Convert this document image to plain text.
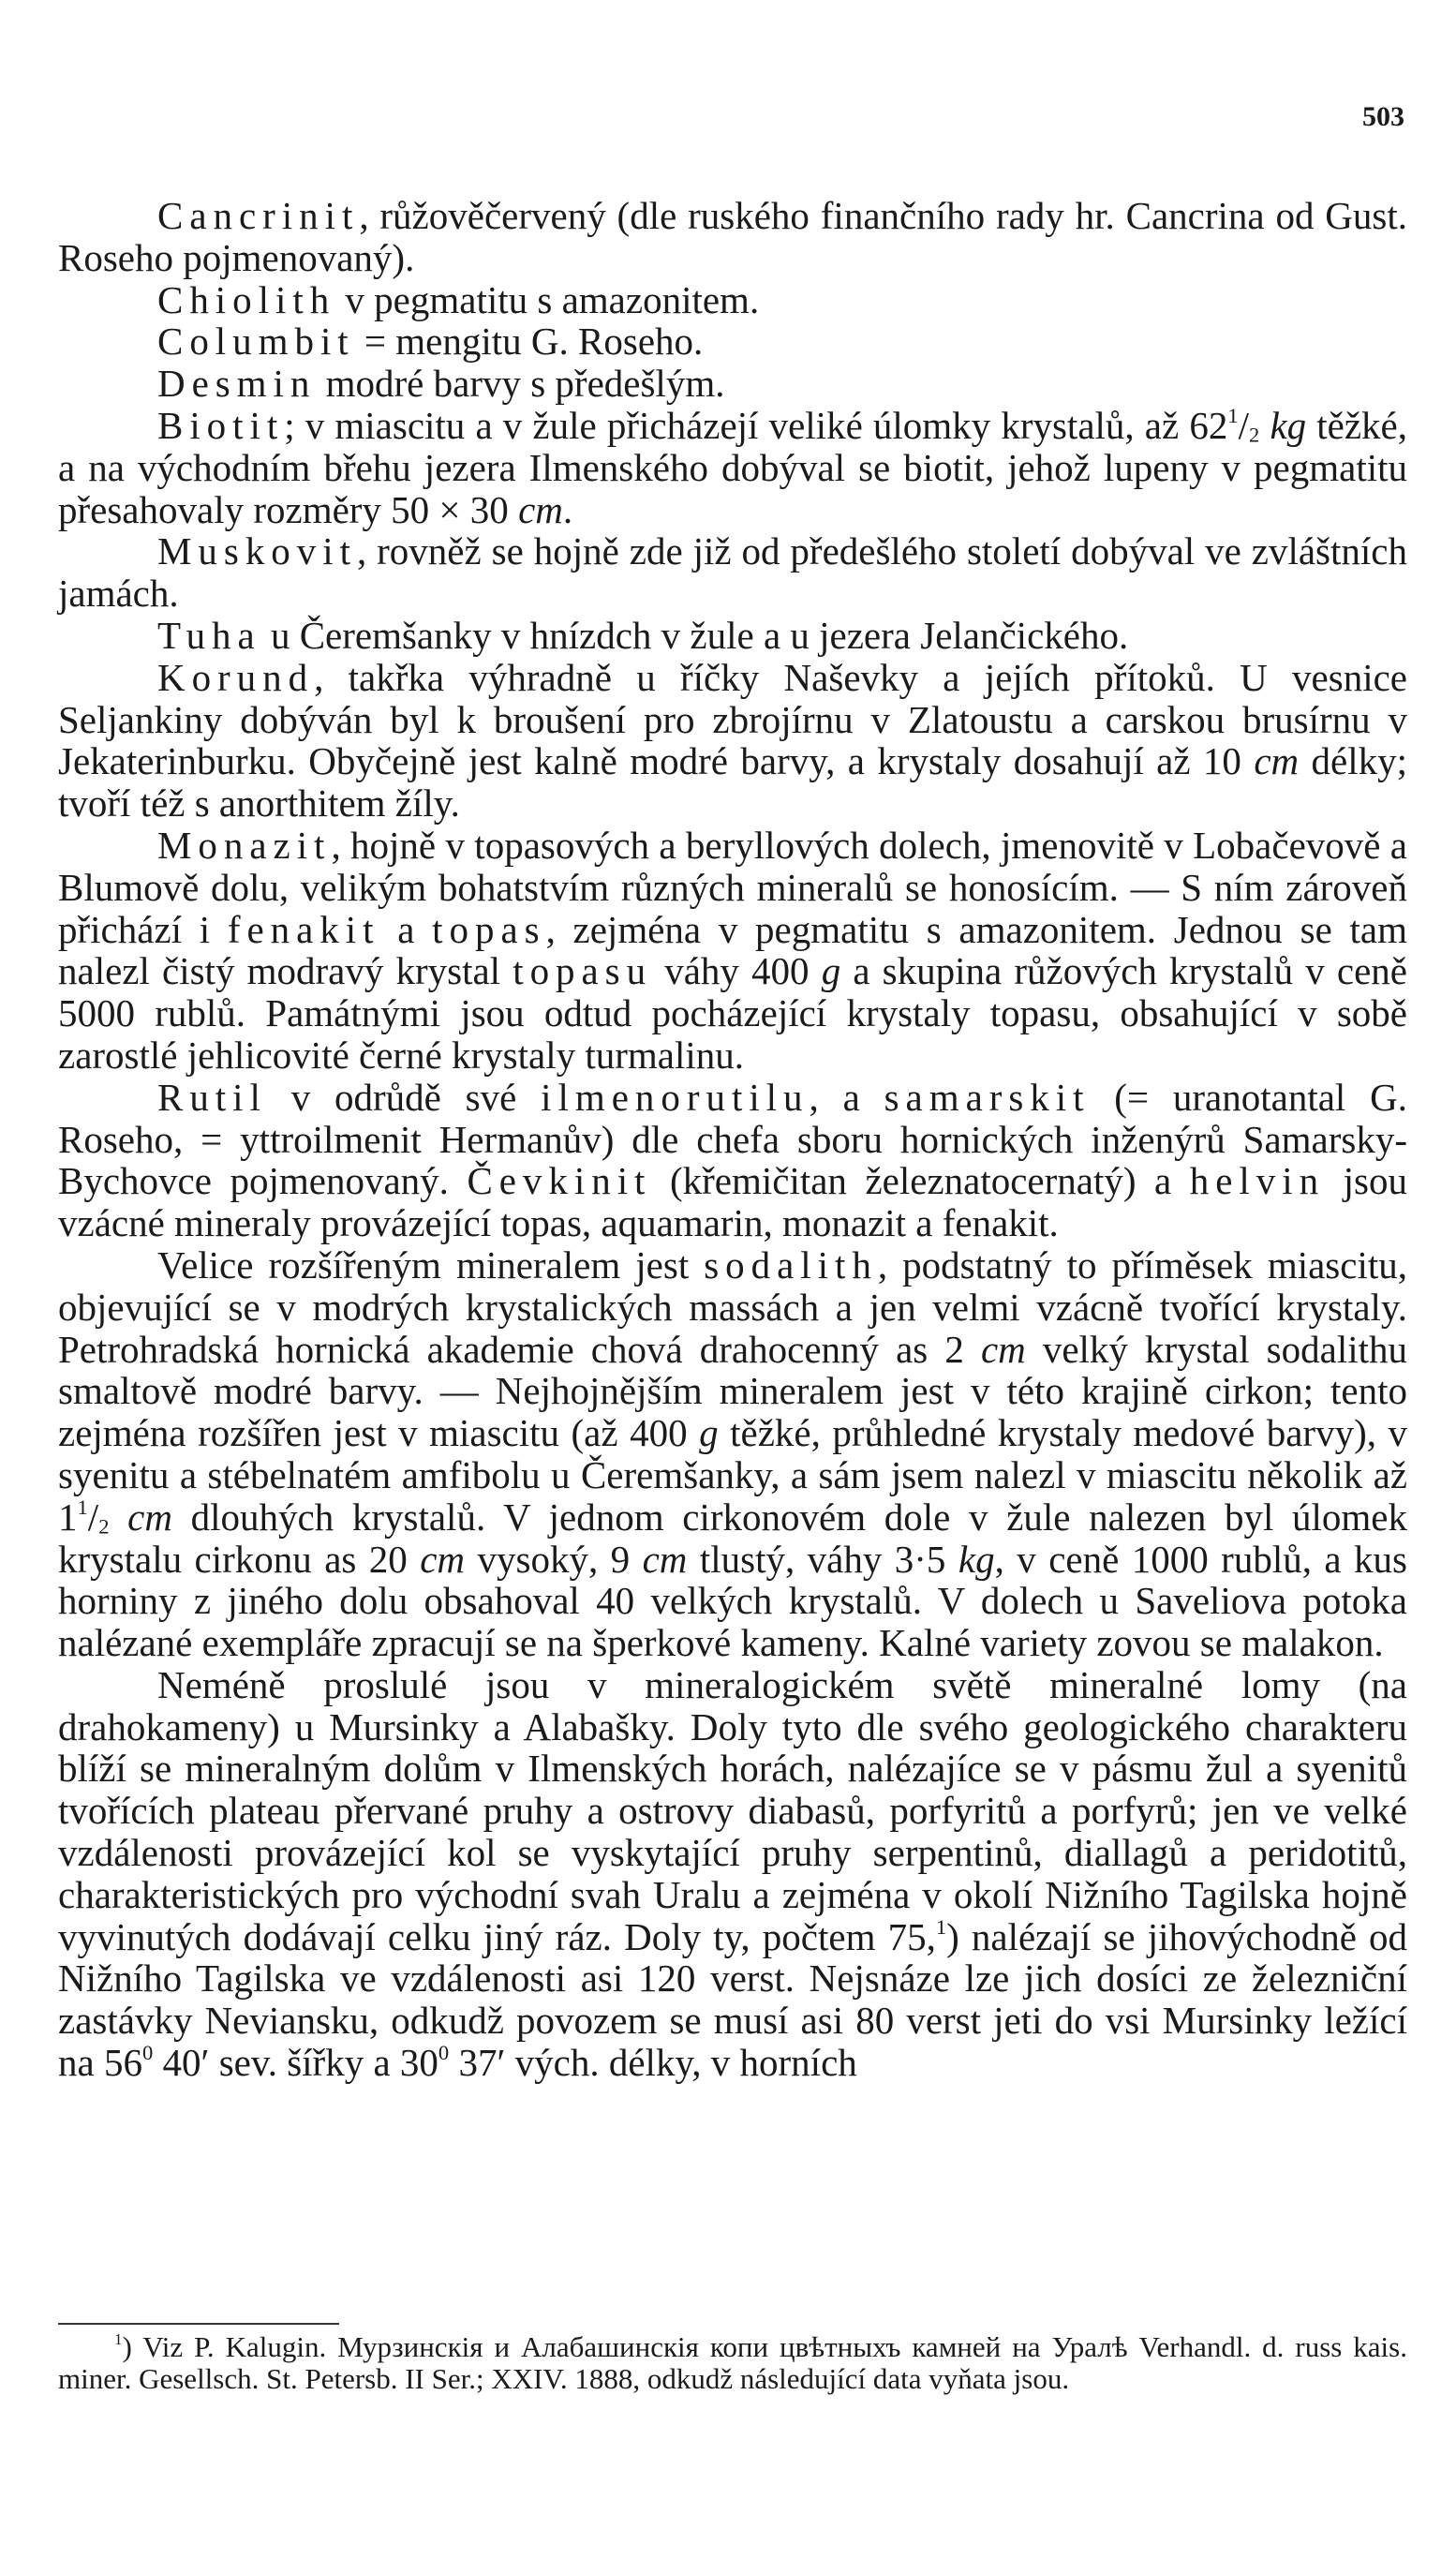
503

Cancrinit, růžověčervený (dle ruského finančního rady hr. Cancrina od Gust. Roseho pojmenovaný).

Chiolith v pegmatitu s amazonitem.

Columbit = mengitu G. Roseho.

Desmin modré barvy s předešlým.

Biotit; v miascitu a v žule přicházejí veliké úlomky krystalů, až $62^1/_2$ kg těžké, a na východním břehu jezera Ilmenského dobýval se biotit, jehož lupeny v pegmatitu přesahovaly rozměry 50 × 30 cm.

Muskovit, rovněž se hojně zde již od předešlého století dobýval ve zvláštních jamách.

Tuha u Čeremšanky v hnízdch v žule a u jezera Jelančického.

Korund, takřka výhradně u říčky Naševky a jejích přítoků. U vesnice Seljankiny dobýván byl k broušení pro zbrojírnu v Zlatoustu a carskou brusírnu v Jekaterinburku. Obyčejně jest kalně modré barvy, a krystaly dosahují až 10 cm délky; tvoří též s anorthitem žíly.

Monazit, hojně v topasových a beryllových dolech, jmenovitě v Lobačevově a Blumově dolu, velikým bohatstvím různých mineralů se honosícím. — S ním zároveň přichází i fenakit a topas, zejména v pegmatitu s amazonitem. Jednou se tam nalezl čistý modravý krystal topasu váhy 400 g a skupina růžových krystalů v ceně 5000 rublů. Památnými jsou odtud pocházející krystaly topasu, obsahující v sobě zarostlé jehlicovité černé krystaly turmalinu.

Rutil v odrůdě své ilmenorutilu, a samarskit (= uranotantal G. Roseho, = yttroilmenit Hermanův) dle chefa sboru hornických inženýrů Samarsky-Bychovce pojmenovaný. Čevkinit (křemičitan železnatocernatý) a helvin jsou vzácné mineraly provázející topas, aquamarin, monazit a fenakit.

Velice rozšířeným mineralem jest sodalith, podstatný to příměsek miascitu, objevující se v modrých krystalických massách a jen velmi vzácně tvořící krystaly. Petrohradská hornická akademie chová drahocenný as 2 cm velký krystal sodalithu smaltově modré barvy. — Nejhojnějším mineralem jest v této krajině cirkon; tento zejména rozšířen jest v miascitu (až 400 g těžké, průhledné krystaly medové barvy), v syenitu a stébelnatém amfibolu u Čeremšanky, a sám jsem nalezl v miascitu několik až $1^1/_2$ cm dlouhých krystalů. V jednom cirkonovém dole v žule nalezen byl úlomek krystalu cirkonu as 20 cm vysoký, 9 cm tlustý, váhy 3·5 kg, v ceně 1000 rublů, a kus horniny z jiného dolu obsahoval 40 velkých krystalů. V dolech u Saveliova potoka nalézané exempláře zpracují se na šperkové kameny. Kalné variety zovou se malakon.

Neméně proslulé jsou v mineralogickém světě mineralné lomy (na drahokameny) u Mursinky a Alabašky. Doly tyto dle svého geologického charakteru blíží se mineralným dolům v Ilmenských horách, nalézajíce se v pásmu žul a syenitů tvořících plateau přervané pruhy a ostrovy diabasů, porfyritů a porfyrů; jen ve velké vzdálenosti provázející kol se vyskytající pruhy serpentinů, diallagů a peridotitů, charakteristických pro východní svah Uralu a zejména v okolí Nižního Tagilska hojně vyvinutých dodávají celku jiný ráz. Doly ty, počtem 75,$^1$) nalézají se jihovýchodně od Nižního Tagilska ve vzdálenosti asi 120 verst. Nejsnáze lze jich dosíci ze železniční zastávky Neviansku, odkudž povozem se musí asi 80 verst jeti do vsi Mursinky ležící na $56^0$ 40′ sev. šířky a $30^0$ 37′ vých. délky, v horních

$^1$) Viz P. Kalugin. Мурзинскія и Алабашинскія копи цвѣтныхъ камней на Уралѣ Verhandl. d. russ kais. miner. Gesellsch. St. Petersb. II Ser.; XXIV. 1888, odkudž následující data vyňata jsou.
